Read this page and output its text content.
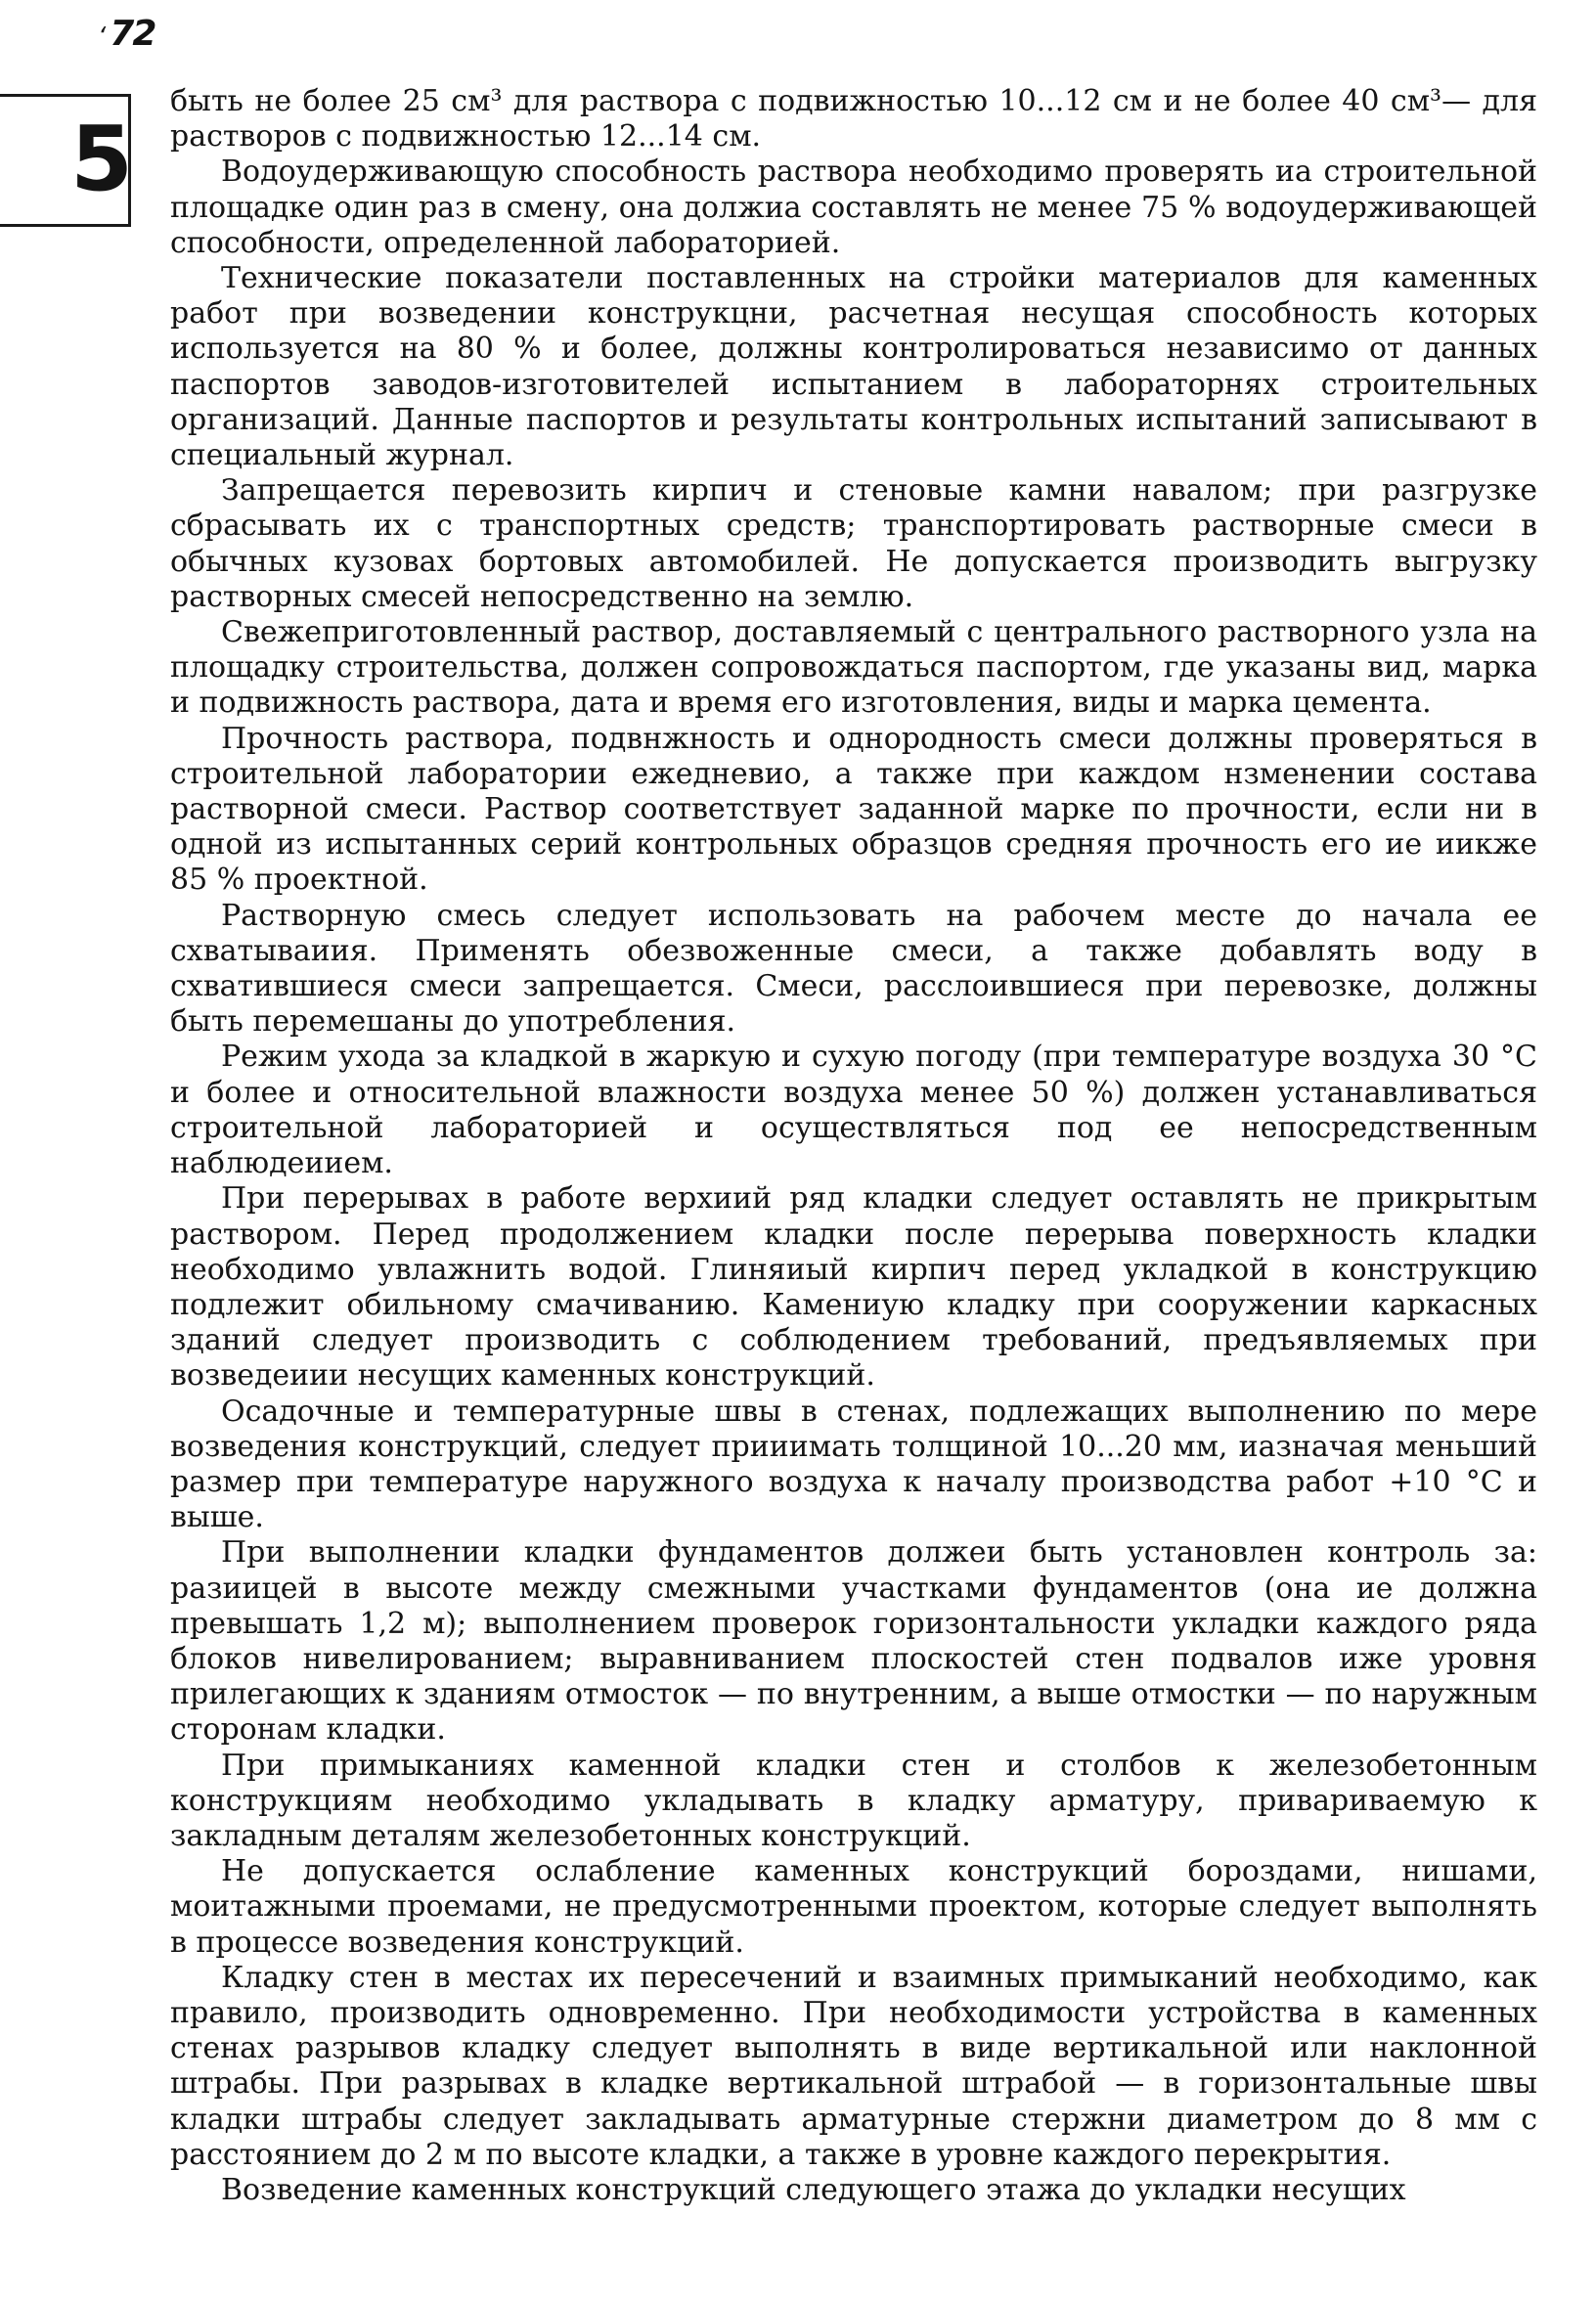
‘ 72
5

быть не более 25 см³ для раствора с подвижностью 10...12 см и не более 40 см³— для растворов с подвижностью 12...14 см.

Водоудерживающую способность раствора необходимо проверять иа строительной площадке один раз в смену, она должиа составлять не менее 75 % водоудерживающей способности, определенной лабораторией.

Технические показатели поставленных на стройки материалов для каменных работ при возведении конструкцни, расчетная несущая способность которых используется на 80 % и более, должны контролироваться независимо от данных паспортов заводов-изготовителей испытанием в лабораторнях строительных организаций. Данные паспортов и результаты контрольных испытаний записывают в специальный журнал.

Запрещается перевозить кирпич и стеновые камни навалом; при разгрузке сбрасывать их с транспортных средств; транспортировать растворные смеси в обычных кузовах бортовых автомобилей. Не допускается производить выгрузку растворных смесей непосредственно на землю.

Свежеприготовленный раствор, доставляемый с центрального растворного узла на площадку строительства, должен сопровождаться паспортом, где указаны вид, марка и подвижность раствора, дата и время его изготовления, виды и марка цемента.

Прочность раствора, подвнжность и однородность смеси должны проверяться в строительной лаборатории ежедневио, а также при каждом нзменении состава растворной смеси. Раствор соответствует заданной марке по прочности, если ни в одной из испытанных серий контрольных образцов средняя прочность его ие иикже 85 % проектной.

Растворную смесь следует использовать на рабочем месте до начала ее схватываиия. Применять обезвоженные смеси, а также добавлять воду в схватившиеся смеси запрещается. Смеси, расслоившиеся при перевозке, должны быть перемешаны до употребления.

Режим ухода за кладкой в жаркую и сухую погоду (при температуре воздуха 30 °С и более и относительной влажности воздуха менее 50 %) должен устанавливаться строительной лабораторией и осуществляться под ее непосредственным наблюдеиием.

При перерывах в работе верхиий ряд кладки следует оставлять не прикрытым раствором. Перед продолжением кладки после перерыва поверхность кладки необходимо увлажнить водой. Глиняиый кирпич перед укладкой в конструкцию подлежит обильному смачиванию. Камениую кладку при сооружении каркасных зданий следует производить с соблюдением требований, предъявляемых при возведеиии несущих каменных конструкций.

Осадочные и температурные швы в стенах, подлежащих выполнению по мере возведения конструкций, следует прииимать толщиной 10...20 мм, иазначая меньший размер при температуре наружного воздуха к началу производства работ +10 °С и выше.

При выполнении кладки фундаментов должеи быть установлен контроль за: разиицей в высоте между смежными участками фундаментов (она ие должна превышать 1,2 м); выполнением проверок горизонтальности укладки каждого ряда блоков нивелированием; выравниванием плоскостей стен подвалов иже уровня прилегающих к зданиям отмосток — по внутренним, а выше отмостки — по наружным сторонам кладки.

При примыканиях каменной кладки стен и столбов к железобетонным конструкциям необходимо укладывать в кладку арматуру, привариваемую к закладным деталям железобетонных конструкций.

Не допускается ослабление каменных конструкций бороздами, нишами, моитажными проемами, не предусмотренными проектом, которые следует выполнять в процессе возведения конструкций.

Кладку стен в местах их пересечений и взаимных примыканий необходимо, как правило, производить одновременно. При необходимости устройства в каменных стенах разрывов кладку следует выполнять в виде вертикальной или наклонной штрабы. При разрывах в кладке вертикальной штрабой — в горизонтальные швы кладки штрабы следует закладывать арматурные стержни диаметром до 8 мм с расстоянием до 2 м по высоте кладки, а также в уровне каждого перекрытия.

Возведение каменных конструкций следующего этажа до укладки несущих
